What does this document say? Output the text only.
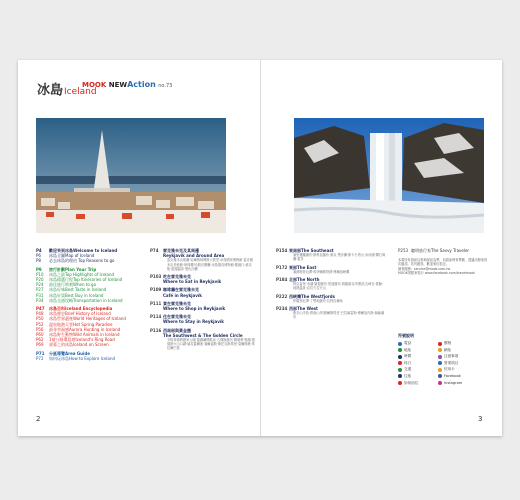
冰島Iceland
MOOK NEWAction no.73
P4	歡迎來到冰島Welcome to Iceland
P6	冰島全圖Map of Iceland
P8	必去冰島的理由 Top Reasons to go
P9	旅行計劃Plan Your Trip
P10	冰島之最Top Highlights of Iceland
P20	冰島精選行程Top Itineraries of Iceland
P24	最佳旅行時刻When to go
P27	冰島好味Best Taste in Iceland
P31	冰島好買Best Buy in Iceland
P34	冰島交通攻略Transportation in Iceland
P47	冰島百科Iceland Encyclopedia
P48	冰島歷史Brief History of Iceland
P50	冰島世界遺產World Heritages of Iceland
P52	溫泉地熱天堂Hot Spring Paradise
P56	最尋幸福感Aurora Hunting in Iceland
P60	冰島野生動物Wild Animals in Iceland
P62	1號公路環島遊Iceland's Ring Road
P69	螢幕之的冰島Iceland on Screen
P71	分區導覽Area Guide
P72	如何玩冰島How to Explore Iceland
P74	雷克雅未克及其周邊
Reykjavík and Around Area
雷克雅未克地圖‧哈爾格林姆斯大教堂‧冰島國家博物館‧雷克雅未克美術館‧珍珠樓‧哈帕音樂廳‧冰島陽具博物館‧舊港口‧維京船‧藍湖溫泉‧黑色沙灘
P103 吃在雷克雅未克
Where to Eat in Reykjavík
P109 咖啡廳在雷克雅未克
Café in Reykjavík
P111 買在雷克雅未克
Where to Shop in Reykjavík
P114 住在雷克雅未克
Where to Stay in Reykjavík
P116 西南部與黃金圈
The Southwest & The Golden Circle
辛格韋德利國家公園‧蓋錫爾間歇泉‧古佛斯瀑布‧費德利‧聖湖‧凱瑞斯火山口湖‧赫拉蓋爾迪‧塞爾福斯‧斯托克斯埃里‧索爾斯港‧埃拉爾巴基
P154 東南部The Southeast
塞里雅蘭瀑布‧斯科加瀑布‧維克‧黑沙灘‧斯卡夫塔山‧冰河湖‧鑽石海灘‧霍芬
P172 東部The East
塞濟斯菲厄澤‧埃伊爾斯塔濟‧博爾加峽灣
P184 北部The North
阿克雷里‧米湖‧黛提瀑布‧哥達瀑布‧胡薩維克‧阿斯匹吉峽谷‧賞鯨‧地熱溫泉‧克拉夫拉火山
P222 西峽灣The Westfjords
伊薩菲厄澤‧丁堅地瀑布‧拉特拉爾角
P234 西部The West
斯奈山半島‧教會山‧阿納爾斯塔皮‧巴拉赫雷勒‧博爾加內斯‧赫倫瀑布
P253 聰明旅行家The Savvy Traveler
本書所有資訊以實地採訪為準，但資訊時常異動，建議出發前再次確認。若有錯誤，歡迎來信指正。
讀者服務：service@mook.com.tw
MOOK景點家旅行 www.facebook.com/travelmook
符號說明
電話	價格
地址	網址
時間	注意事項
休日	營業項目
交通	信用卡
住宿	Facebook
如何前往	Instagram
2	3
